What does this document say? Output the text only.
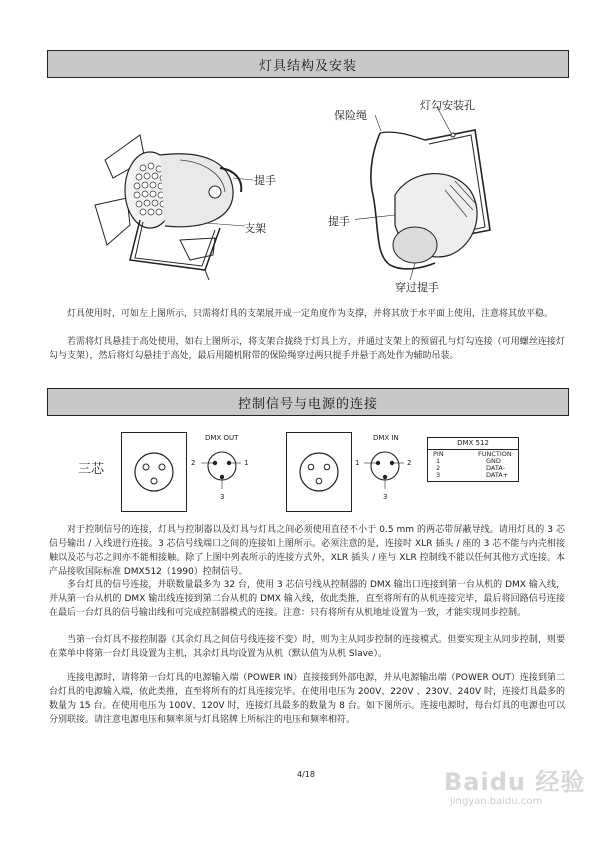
灯具结构及安装
提手
支架
保险绳
灯勾安装孔
提手
穿过提手
灯具使用时，可如左上图所示，只需将灯具的支架展开成一定角度作为支撑，并将其放于水平面上使用，注意将其放平稳。
若需将灯具悬挂于高处使用，如右上图所示，将支架合拢绕于灯具上方，并通过支架上的预留孔与灯勾连接（可用螺丝连接灯勾与支架），然后将灯勾悬挂于高处，最后用随机附带的保险绳穿过两只提手并悬于高处作为辅助吊装。
控制信号与电源的连接
三芯
DMX OUT
2	1
3
DMX IN
1	2
3
DMX 512
PIN	FUNCTION
1	GND
2	DATA-
3	DATA+
对于控制信号的连接，灯具与控制器以及灯具与灯具之间必须使用直径不小于 0.5 mm 的两芯带屏蔽导线。请用灯具的 3 芯信号输出 / 入线进行连接。3 芯信号线端口之间的连接如上图所示。必须注意的是，连接时 XLR 插头 / 座的 3 芯不能与内壳相接触以及芯与芯之间亦不能相接触。除了上图中列表所示的连接方式外，XLR 插头 / 座与 XLR 控制线不能以任何其他方式连接。本产品接收国际标准 DMX512（1990）控制信号。
多台灯具的信号连接，并联数量最多为 32 台，使用 3 芯信号线从控制器的 DMX 输出口连接到第一台从机的 DMX 输入线，并从第一台从机的 DMX 输出线连接到第二台从机的 DMX 输入线，依此类推，直至将所有的从机连接完毕，最后将回路信号连接在最后一台灯具的信号输出线和可完成控制器模式的连接。注意：只有将所有从机地址设置为一致，才能实现同步控制。
当第一台灯具不接控制器（其余灯具之间信号线连接不变）时，则为主从同步控制的连接模式。但要实现主从同步控制，则要在菜单中将第一台灯具设置为主机，其余灯具均设置为从机（默认值为从机 Slave）。
连接电源时，请将第一台灯具的电源输入端（POWER IN）直接接到外部电源，并从电源输出端（POWER OUT）连接到第二台灯具的电源输入端，依此类推，直至将所有的灯具连接完毕。在使用电压为 200V、220V 、230V、240V 时，连接灯具最多的数量为 15 台。在使用电压为 100V、120V 时，连接灯具最多的数量为 8 台。如下图所示。连接电源时，每台灯具的电源也可以分别联接。请注意电源电压和频率须与灯具铭牌上所标注的电压和频率相符。
4/18	Baidu 经验
jingyan.baidu.com
